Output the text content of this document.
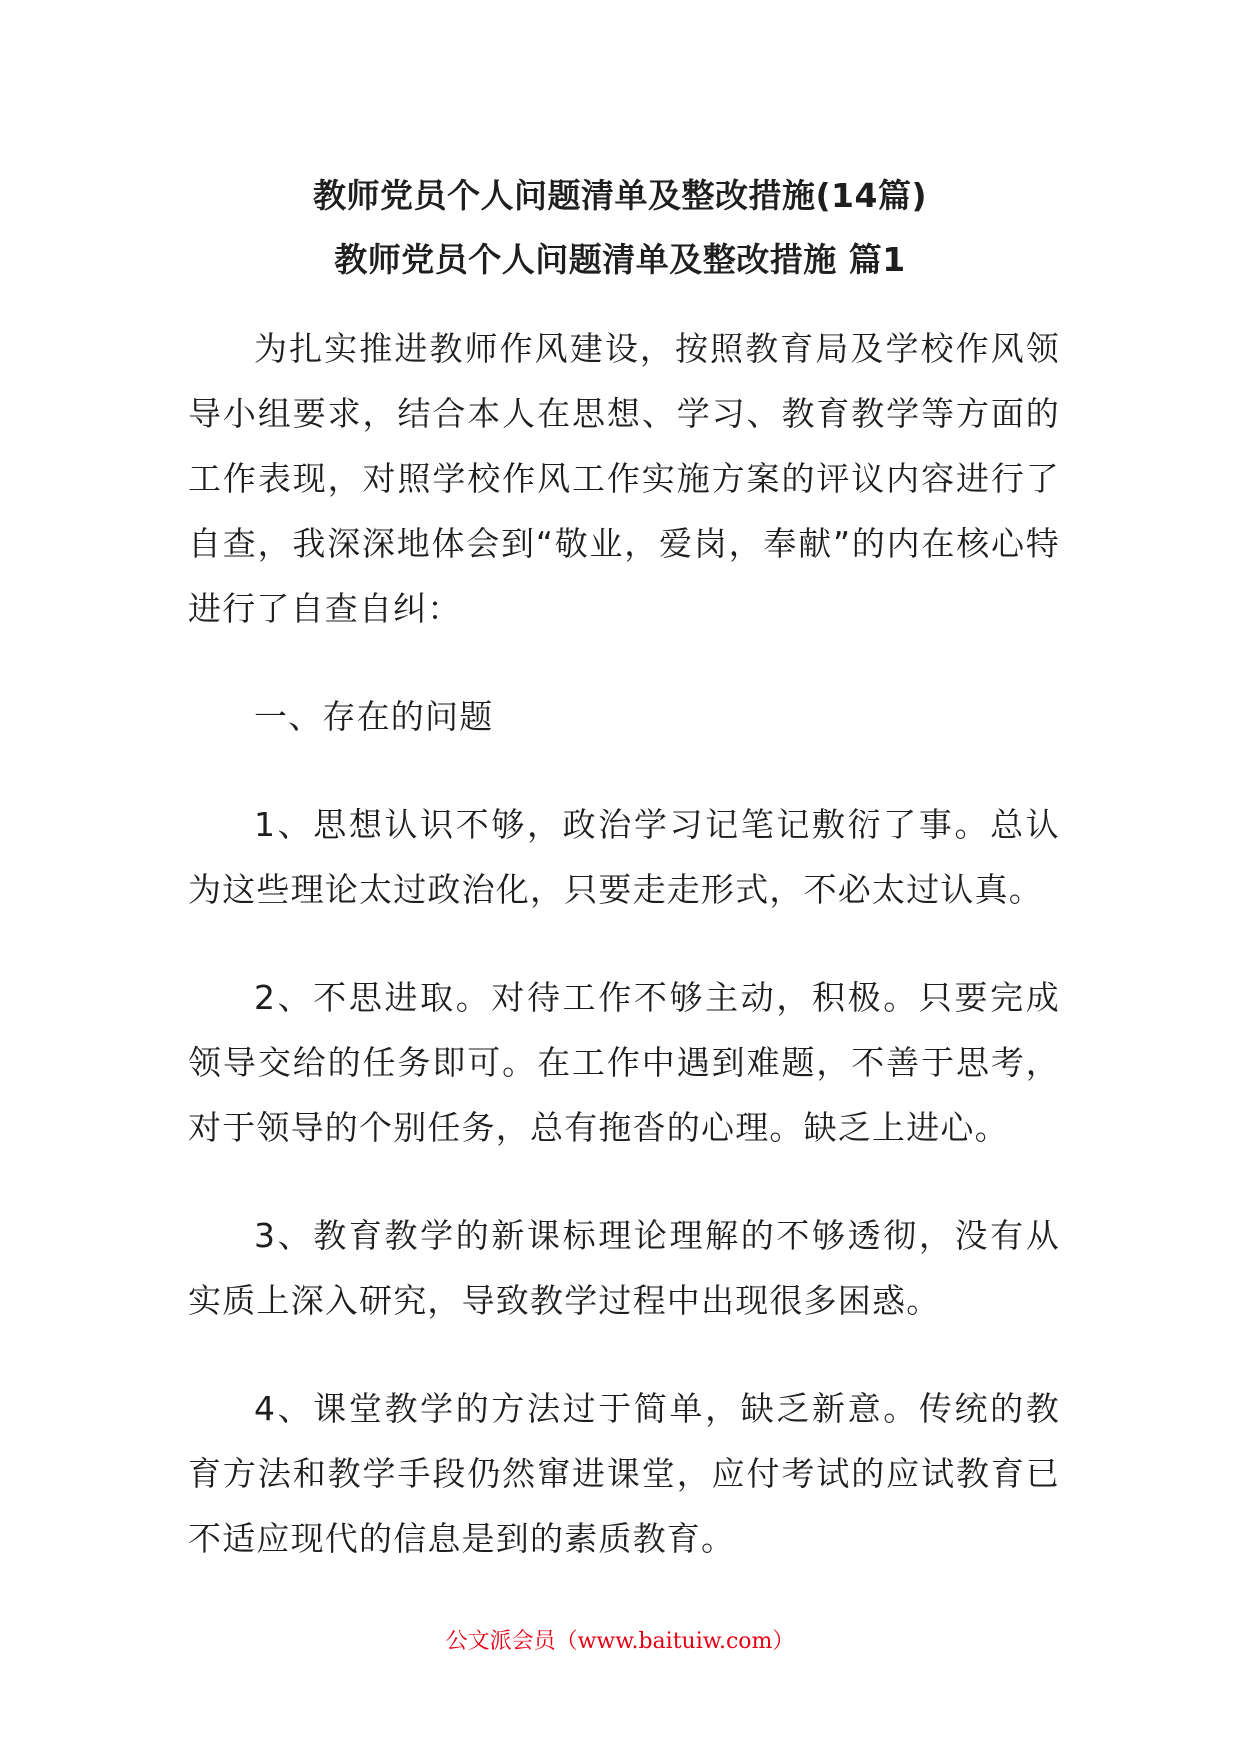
教师党员个人问题清单及整改措施(14篇)
教师党员个人问题清单及整改措施 篇1

为扎实推进教师作风建设，按照教育局及学校作风领导小组要求，结合本人在思想、学习、教育教学等方面的工作表现，对照学校作风工作实施方案的评议内容进行了自查，我深深地体会到“敬业，爱岗，奉献”的内在核心特进行了自查自纠：

一、存在的问题

1、思想认识不够，政治学习记笔记敷衍了事。总认为这些理论太过政治化，只要走走形式，不必太过认真。

2、不思进取。对待工作不够主动，积极。只要完成领导交给的任务即可。在工作中遇到难题，不善于思考，对于领导的个别任务，总有拖沓的心理。缺乏上进心。

3、教育教学的新课标理论理解的不够透彻，没有从实质上深入研究，导致教学过程中出现很多困惑。

4、课堂教学的方法过于简单，缺乏新意。传统的教育方法和教学手段仍然窜进课堂，应付考试的应试教育已不适应现代的信息是到的素质教育。

公文派会员（www.baituiw.com）
